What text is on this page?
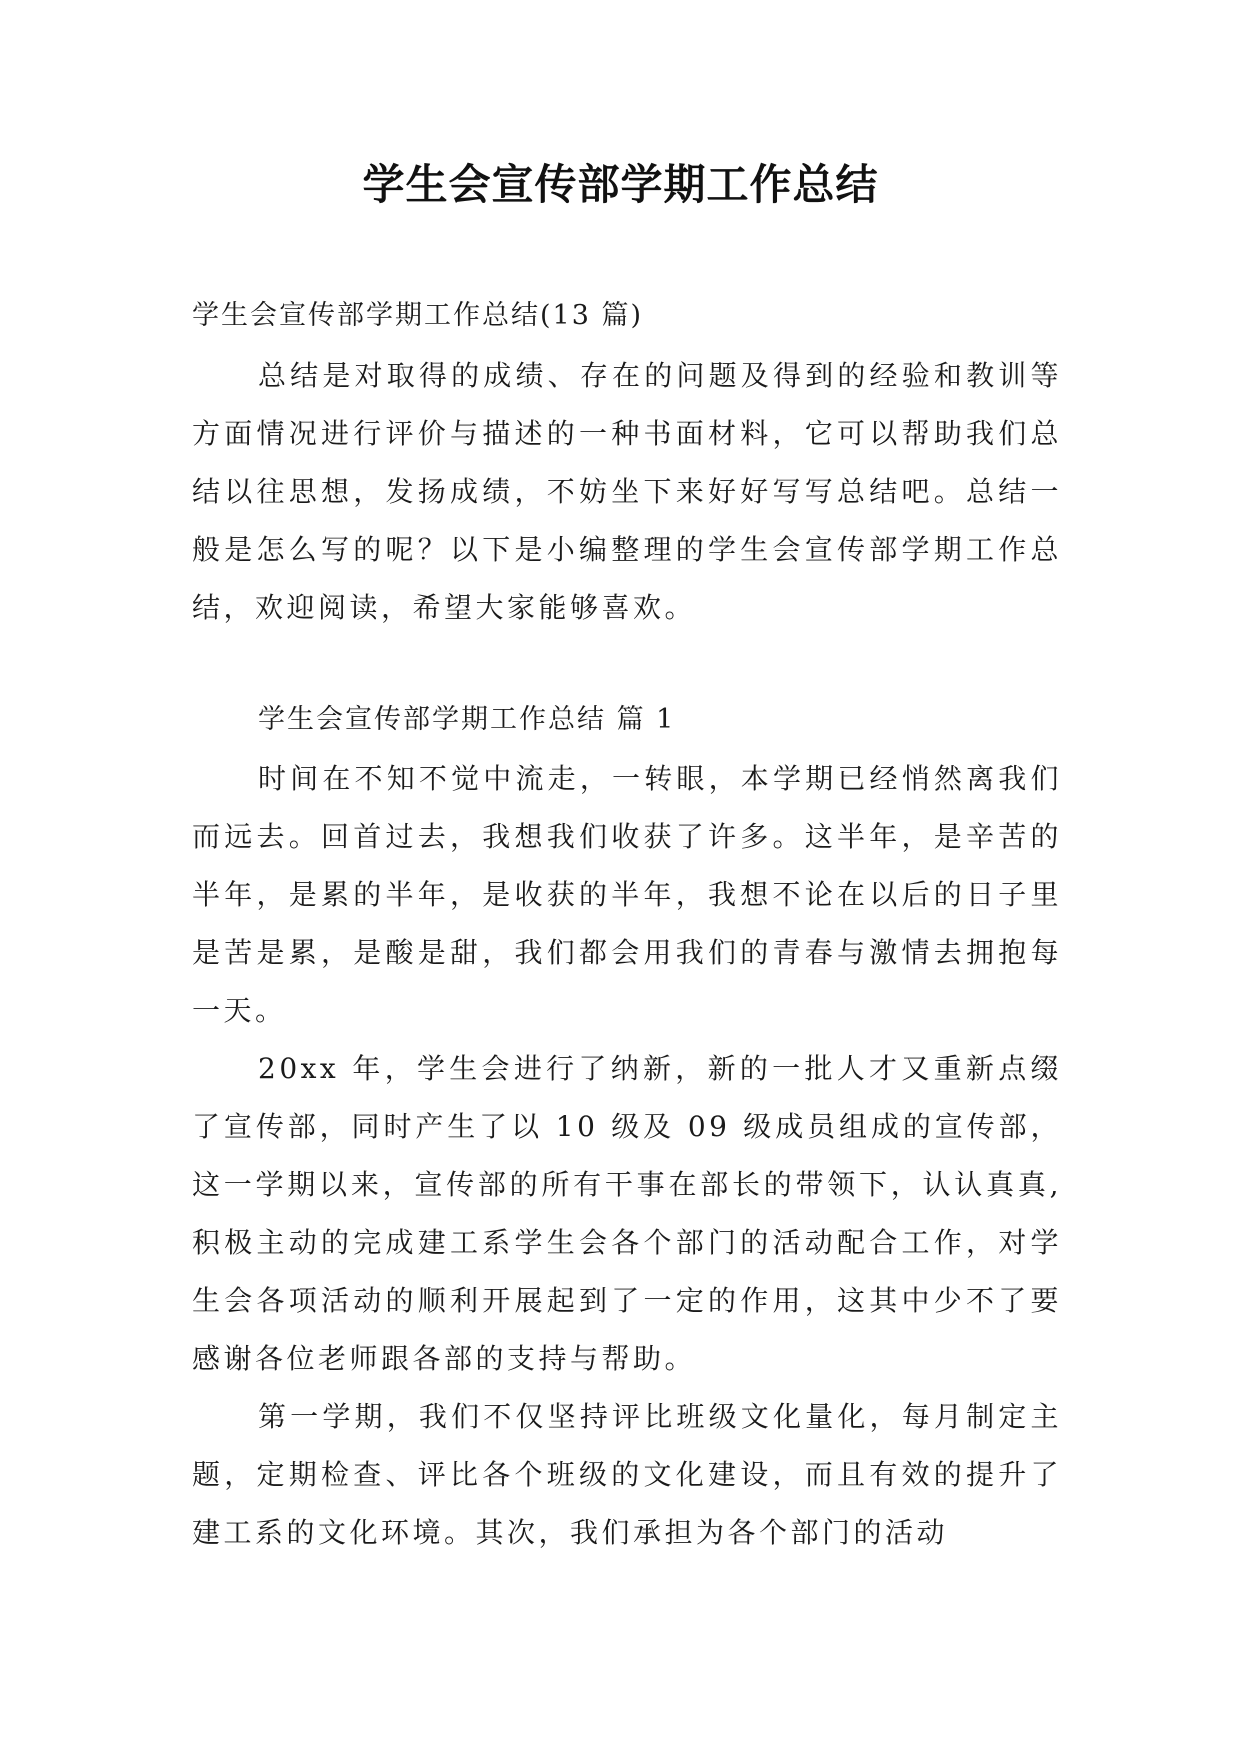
学生会宣传部学期工作总结
学生会宣传部学期工作总结(13 篇)

总结是对取得的成绩、存在的问题及得到的经验和教训等方面情况进行评价与描述的一种书面材料，它可以帮助我们总结以往思想，发扬成绩，不妨坐下来好好写写总结吧。总结一般是怎么写的呢？以下是小编整理的学生会宣传部学期工作总结，欢迎阅读，希望大家能够喜欢。

学生会宣传部学期工作总结 篇 1

时间在不知不觉中流走，一转眼，本学期已经悄然离我们而远去。回首过去，我想我们收获了许多。这半年，是辛苦的半年，是累的半年，是收获的半年，我想不论在以后的日子里是苦是累，是酸是甜，我们都会用我们的青春与激情去拥抱每一天。

20xx 年，学生会进行了纳新，新的一批人才又重新点缀了宣传部，同时产生了以 10 级及 09 级成员组成的宣传部，这一学期以来，宣传部的所有干事在部长的带领下，认认真真,积极主动的完成建工系学生会各个部门的活动配合工作，对学生会各项活动的顺利开展起到了一定的作用，这其中少不了要感谢各位老师跟各部的支持与帮助。

第一学期，我们不仅坚持评比班级文化量化，每月制定主题，定期检查、评比各个班级的文化建设，而且有效的提升了建工系的文化环境。其次，我们承担为各个部门的活动
